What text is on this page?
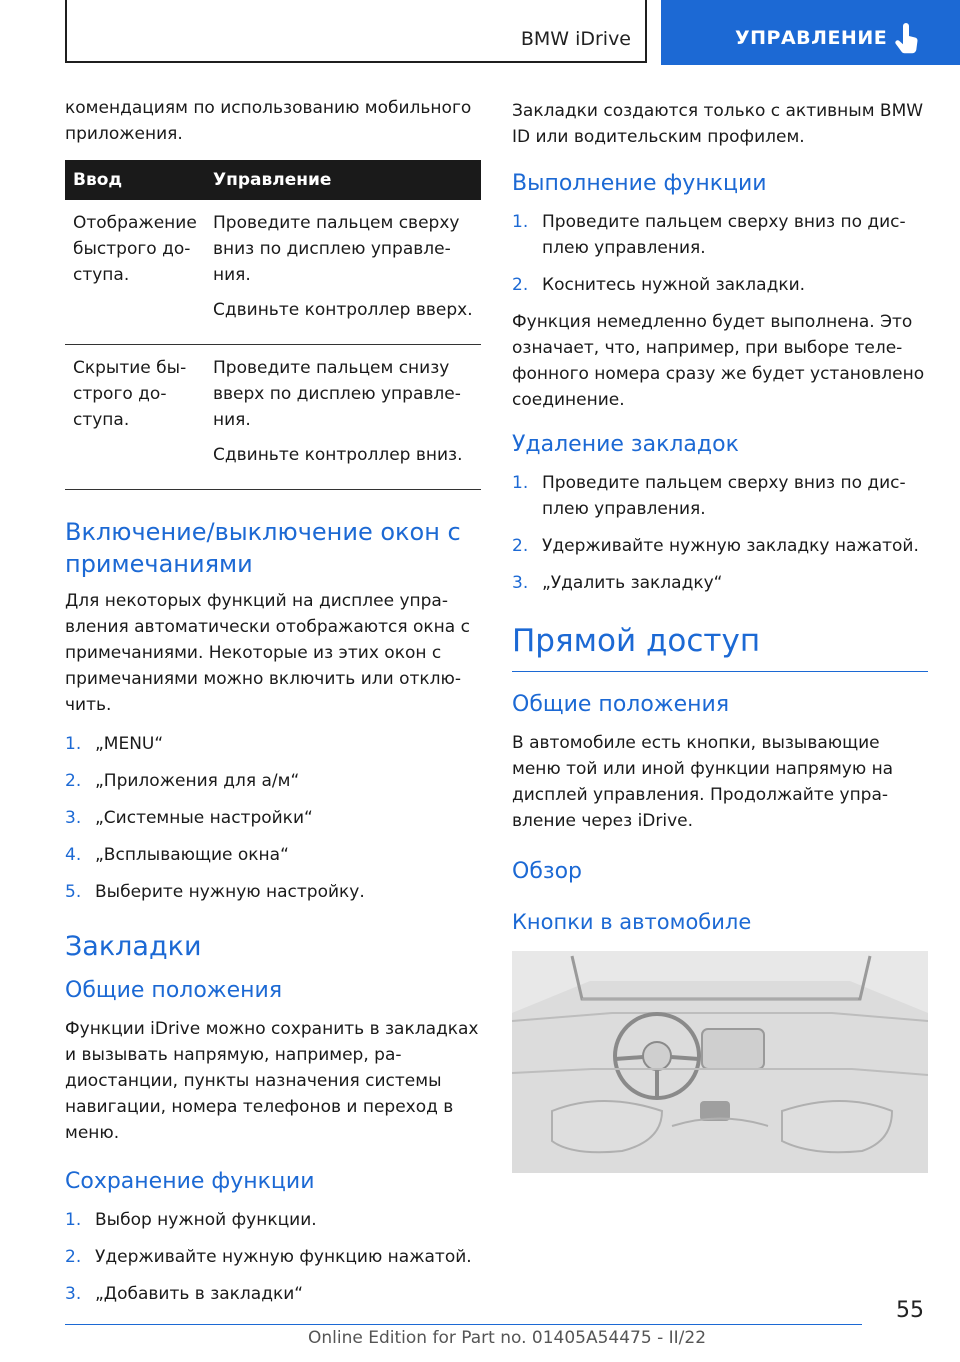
BMW iDrive	УПРАВЛЕНИЕ

комендациям по использованию мобильного приложения.

Ввод	Управление
Отображение быстрого доступа.	Проведите пальцем сверху вниз по дисплею управления.

Сдвиньте контроллер вверх.

Скрытие быстрого доступа.	Проведите пальцем снизу вверх по дисплею управления.

Сдвиньте контроллер вниз.

Включение/выключение окон с примечаниями

Для некоторых функций на дисплее управления автоматически отображаются окна с примечаниями. Некоторые из этих окон с примечаниями можно включить или отключить.

1. „MENU“
2. „Приложения для а/м“
3. „Системные настройки“
4. „Всплывающие окна“
5. Выберите нужную настройку.
Закладки
Общие положения

Функции iDrive можно сохранить в закладках и вызывать напрямую, например, радиостанции, пункты назначения системы навигации, номера телефонов и переход в меню.

Сохранение функции
1. Выбор нужной функции.
2. Удерживайте нужную функцию нажатой.
3. „Добавить в закладки“

Закладки создаются только с активным BMW ID или водительским профилем.

Выполнение функции
1. Проведите пальцем сверху вниз по дисплею управления.
2. Коснитесь нужной закладки.

Функция немедленно будет выполнена. Это означает, что, например, при выборе телефонного номера сразу же будет установлено соединение.

Удаление закладок
1. Проведите пальцем сверху вниз по дисплею управления.
2. Удерживайте нужную закладку нажатой.
3. „Удалить закладку“
Прямой доступ
Общие положения

В автомобиле есть кнопки, вызывающие меню той или иной функции напрямую на дисплей управления. Продолжайте управление через iDrive.

Обзор
Кнопки в автомобиле
55
Online Edition for Part no. 01405A54475 - II/22
